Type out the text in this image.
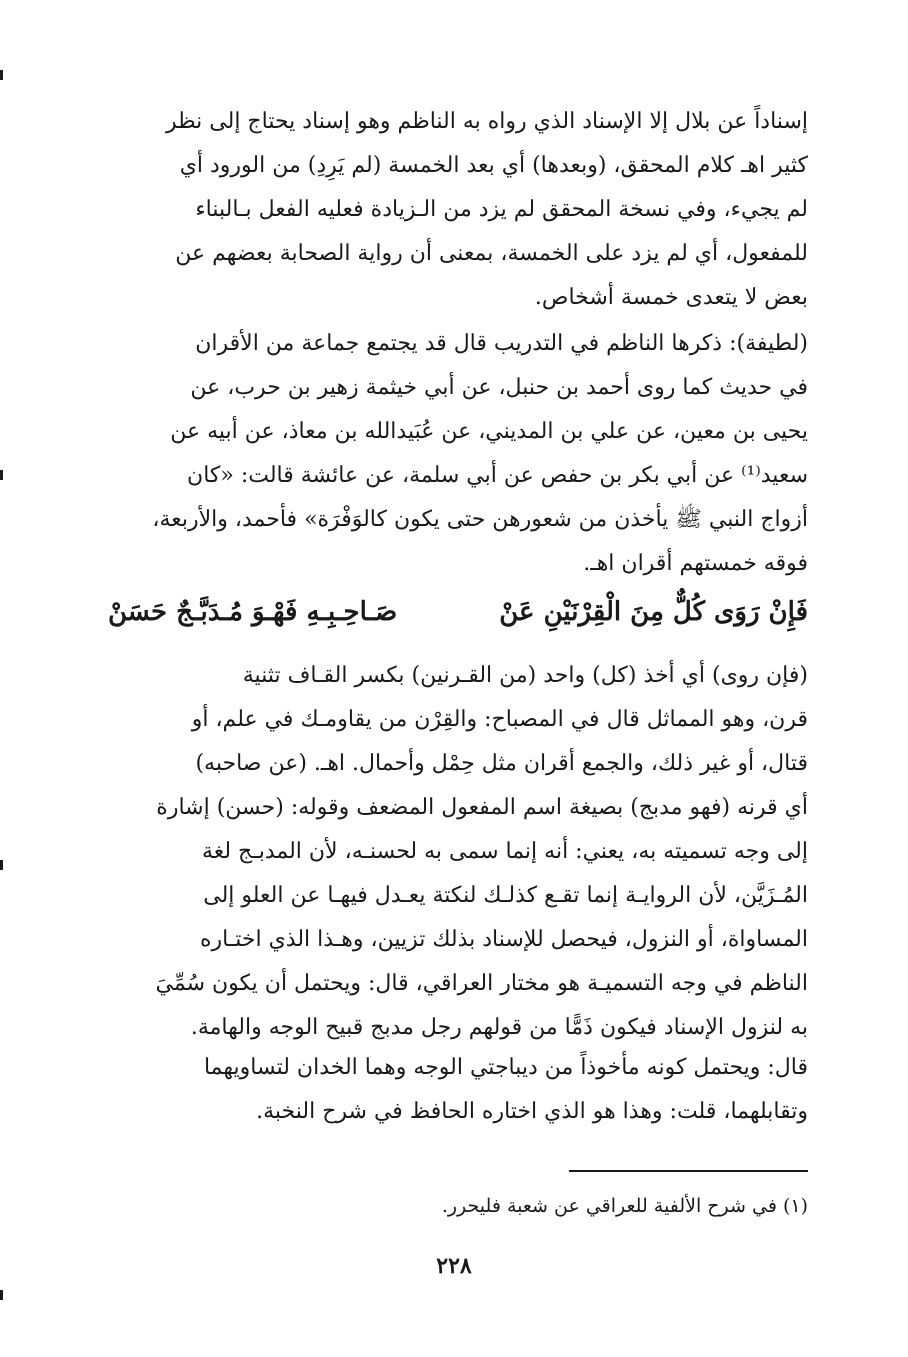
إسناداً عن بلال إلا الإسناد الذي رواه به الناظم وهو إسناد يحتاج إلى نظر
كثير اهـ كلام المحقق، (وبعدها) أي بعد الخمسة (لم يَرِدِ) من الورود أي
لم يجيء، وفي نسخة المحقق لم يزد من الـزيادة فعليه الفعل بـالبناء
للمفعول، أي لم يزد على الخمسة، بمعنى أن رواية الصحابة بعضهم عن
بعض لا يتعدى خمسة أشخاص.
(لطيفة): ذكرها الناظم في التدريب قال قد يجتمع جماعة من الأقران
في حديث كما روى أحمد بن حنبل، عن أبي خيثمة زهير بن حرب، عن
يحيى بن معين، عن علي بن المديني، عن عُبَيدالله بن معاذ، عن أبيه عن
سعيد⁽¹⁾ عن أبي بكر بن حفص عن أبي سلمة، عن عائشة قالت: «كان
أزواج النبي ﷺ يأخذن من شعورهن حتى يكون كالوَفْرَة» فأحمد، والأربعة،
فوقه خمستهم أقران اهـ.
فَإِنْ رَوَى كُلٌّ مِنَ الْقِرْنَيْنِ عَنْ
صَـاحِـبِـهِ فَهْـوَ مُـدَبَّـجٌ حَسَنْ
(فإن روى) أي أخذ (كل) واحد (من القـرنين) بكسر القـاف تثنية
قرن، وهو المماثل قال في المصباح: والقِرْن من يقاومـك في علم، أو
قتال، أو غير ذلك، والجمع أقران مثل حِمْل وأحمال. اهـ. (عن صاحبه)
أي قرنه (فهو مدبج) بصيغة اسم المفعول المضعف وقوله: (حسن) إشارة
إلى وجه تسميته به، يعني: أنه إنما سمى به لحسنـه، لأن المدبـج لغة
المُـزَيَّن، لأن الروايـة إنما تقـع كذلـك لنكتة يعـدل فيهـا عن العلو إلى
المساواة، أو النزول، فيحصل للإسناد بذلك تزيين، وهـذا الذي اختـاره
الناظم في وجه التسميـة هو مختار العراقي، قال: ويحتمل أن يكون سُمِّيَ
به لنزول الإسناد فيكون ذَمًّا من قولهم رجل مدبج قبيح الوجه والهامة.
قال: ويحتمل كونه مأخوذاً من ديباجتي الوجه وهما الخدان لتساويهما
وتقابلهما، قلت: وهذا هو الذي اختاره الحافظ في شرح النخبة.
(١) في شرح الألفية للعراقي عن شعبة فليحرر.
٢٢٨
